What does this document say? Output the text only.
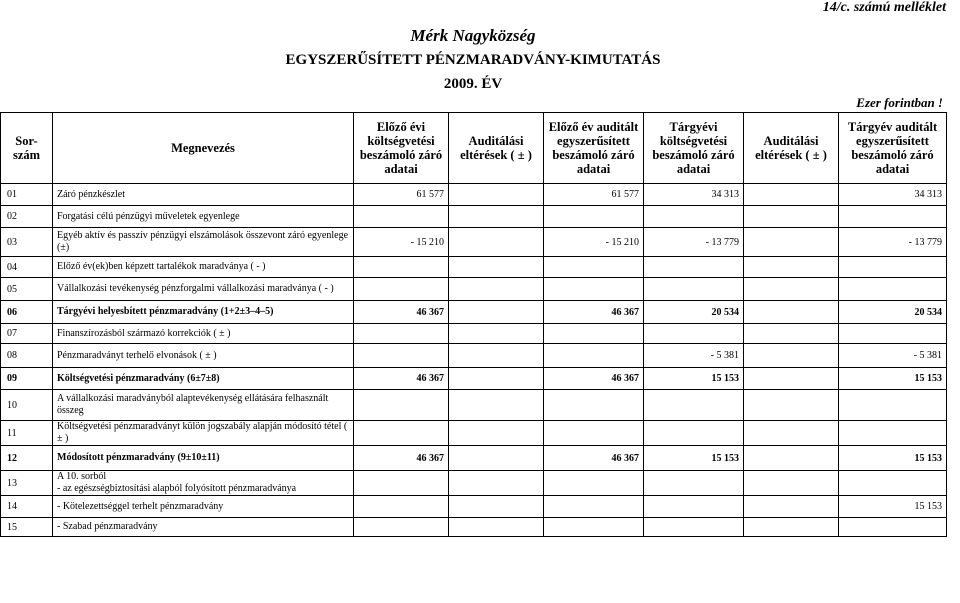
14/c. számú melléklet
Mérk Nagyközség
EGYSZERŰSÍTETT PÉNZMARADVÁNY-KIMUTATÁS
2009. ÉV
Ezer forintban !
Sor-szám	Megnevezés	Előző évi költségvetési beszámoló záró adatai	Auditálási eltérések ( ± )	Előző év auditált egyszerűsített beszámoló záró adatai	Tárgyévi költségvetési beszámoló záró adatai	Auditálási eltérések ( ± )	Tárgyév auditált egyszerűsített beszámoló záró adatai
01	Záró pénzkészlet	61 577		61 577	34 313		34 313
02	Forgatási célú pénzügyi műveletek egyenlege						
03	Egyéb aktív és passzív pénzügyi elszámolások összevont záró egyenlege (±)	- 15 210		- 15 210	- 13 779		- 13 779
04	Előző év(ek)ben képzett tartalékok maradványa ( - )						
05	Vállalkozási tevékenység pénzforgalmi vállalkozási maradványa ( - )						
06	Tárgyévi helyesbített pénzmaradvány (1+2±3–4–5)	46 367		46 367	20 534		20 534
07	Finanszírozásból származó korrekciók ( ± )						
08	Pénzmaradványt terhelő elvonások ( ± )				- 5 381		- 5 381
09	Költségvetési pénzmaradvány (6±7±8)	46 367		46 367	15 153		15 153
10	A vállalkozási maradványból alaptevékenység ellátására felhasznált összeg						
11	Költségvetési pénzmaradványt külön jogszabály alapján módosító tétel ( ± )						
12	Módosított pénzmaradvány (9±10±11)	46 367		46 367	15 153		15 153
13	A 10. sorból
- az egészségbiztosítási alapból folyósított pénzmaradványa						
14	- Kötelezettséggel terhelt pénzmaradvány						15 153
15	- Szabad pénzmaradvány						
